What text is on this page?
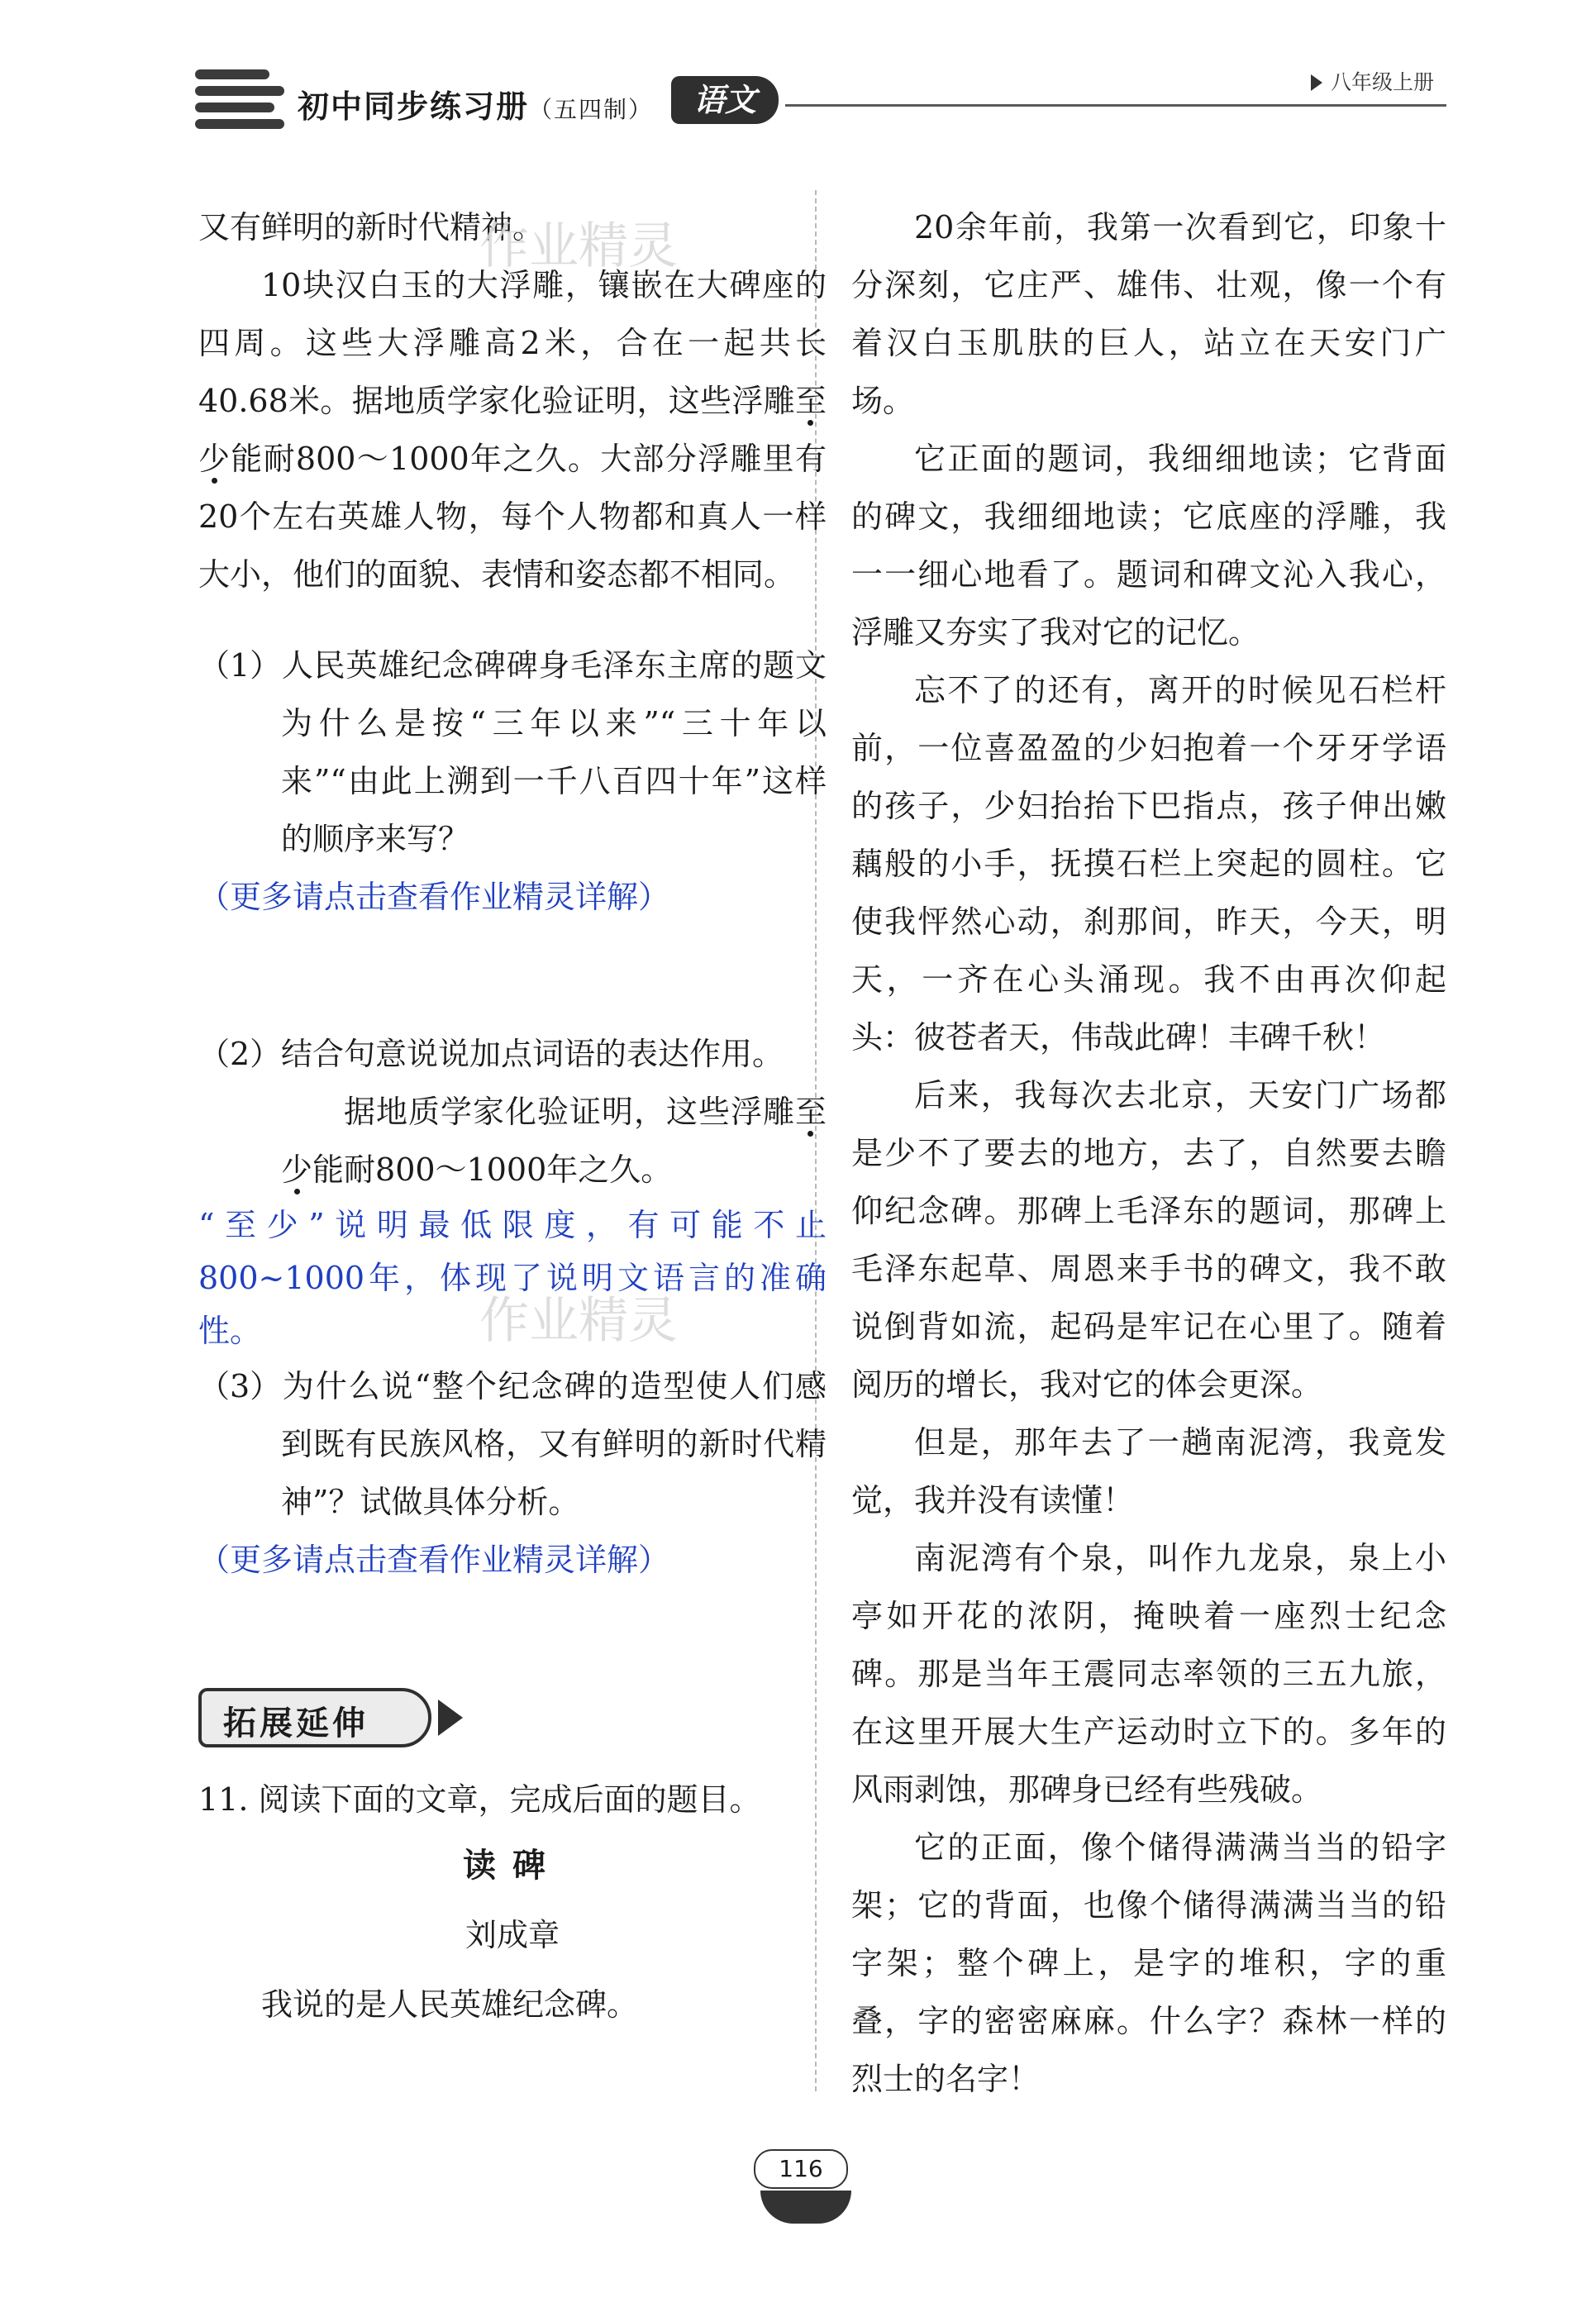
初中同步练习册（五四制）	语文	八年级上册

又有鲜明的新时代精神。

10块汉白玉的大浮雕，镶嵌在大碑座的四周。这些大浮雕高2米，合在一起共长40.68米。据地质学家化验证明，这些浮雕至少能耐800～1000年之久。大部分浮雕里有20个左右英雄人物，每个人物都和真人一样大小，他们的面貌、表情和姿态都不相同。

（1）人民英雄纪念碑碑身毛泽东主席的题文为什么是按“三年以来”“三十年以来”“由此上溯到一千八百四十年”这样的顺序来写？

（更多请点击查看作业精灵详解）

（2）结合句意说说加点词语的表达作用。

据地质学家化验证明，这些浮雕至少能耐800～1000年之久。

“至少”说明最低限度，有可能不止800~1000年，体现了说明文语言的准确性。

（3）为什么说“整个纪念碑的造型使人们感到既有民族风格，又有鲜明的新时代精神”？试做具体分析。

（更多请点击查看作业精灵详解）

拓展延伸

11. 阅读下面的文章，完成后面的题目。

读碑

刘成章

我说的是人民英雄纪念碑。

20余年前，我第一次看到它，印象十分深刻，它庄严、雄伟、壮观，像一个有着汉白玉肌肤的巨人，站立在天安门广场。

它正面的题词，我细细地读；它背面的碑文，我细细地读；它底座的浮雕，我一一细心地看了。题词和碑文沁入我心，浮雕又夯实了我对它的记忆。

忘不了的还有，离开的时候见石栏杆前，一位喜盈盈的少妇抱着一个牙牙学语的孩子，少妇抬抬下巴指点，孩子伸出嫩藕般的小手，抚摸石栏上突起的圆柱。它使我怦然心动，刹那间，昨天，今天，明天，一齐在心头涌现。我不由再次仰起头：彼苍者天，伟哉此碑！丰碑千秋！

后来，我每次去北京，天安门广场都是少不了要去的地方，去了，自然要去瞻仰纪念碑。那碑上毛泽东的题词，那碑上毛泽东起草、周恩来手书的碑文，我不敢说倒背如流，起码是牢记在心里了。随着阅历的增长，我对它的体会更深。

但是，那年去了一趟南泥湾，我竟发觉，我并没有读懂！

南泥湾有个泉，叫作九龙泉，泉上小亭如开花的浓阴，掩映着一座烈士纪念碑。那是当年王震同志率领的三五九旅，在这里开展大生产运动时立下的。多年的风雨剥蚀，那碑身已经有些残破。

它的正面，像个储得满满当当的铅字架；它的背面，也像个储得满满当当的铅字架；整个碑上，是字的堆积，字的重叠，字的密密麻麻。什么字？森林一样的烈士的名字！

作业精灵
作业精灵
116
